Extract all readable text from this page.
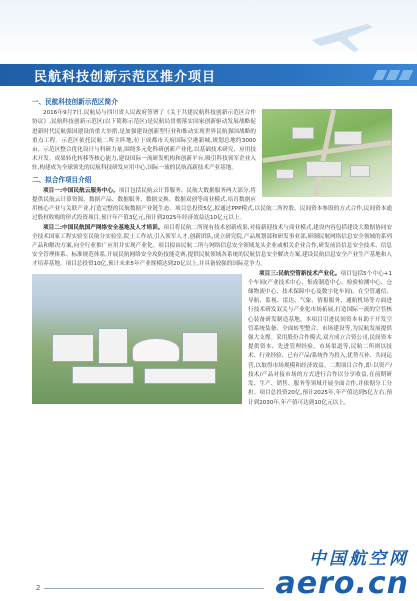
民航科技创新示范区推介项目
一、民航科技创新示范区简介

2016年9月7日,民航局与四川省人民政府签署了《关于共建民航科技创新示范区合作协议》,民航科技创新示范区(以下简称示范区)是民航局贯彻落实国家创新驱动发展战略促进新时代民航强国建设的重大举措,是加强建设创新型行业和推动实现世界民航强国战略的重点工程。示范区依托民航二所主阵地,位于成都市天府国际空港新城,规划总地约3000亩。示范区整合优化设计与科研力量,围绕多元化科研创新产业化,以基础技术研究、应用技术开发、成果转化转移等核心能力,建设国际一流研发机构和创新平台,吸引科技领军企业入驻,构建成为全球领先的民航科技研发应用中心,国际一流的民航高新技术产业基地。

二、拟合作项目介绍

项目一:中国民航云服务中心。项目包括民航云计算服务、民航大数据服务两大部分,将提供民航云计算资源、数据产品、数据服务、数据交换、数据双创等商业模式,培育数据应用核心产业与关联产业,打造完整的民航数据产业链生态。项目总投资5亿,拟通过PPP模式,以民航二所控股、民间资本参股的方式合作,民间资本通过股权收购的形式投资项目,预计年产值3亿元,预计到2025年经济效益达10亿元以上。

项目二:中国民航国产网络安全基地及人才培训。项目将民航二所现有技术创新成果,对接新迎技术与商业模式,建设内容包括建设大数据协同安全技术国家工程实验室民航分实验室,院士工作站,引入领军人才,创新团队,成立研究院,产品规划部和研发事业部,研制民航网络信息安全领域的系列产品和解决方案,向全行业推广应用并实现产业化。项目拟由民航二所与网络信息安全领域龙头企业或相关企业合作,研发前沿信息安全技术、信息安全管理体系、标准规范体系,开展民航网络安全攻防技能竞赛,提供民航领域各系统的民航信息安全解决方案,建设民航信息安全产业生产基地和人才培养基地。项目总投资10亿,预计未来5年产业规模达到20亿以上,并具备较强的国际竞争力。

项目三:民航空管新技术产业化。项目包括5个中心+1个车间(产业技术中心、集成制造中心、检验检测中心、仓储物流中心、技术保障中心及数字化车间)。在空管通信、导航、监视、雷达、气象、情报服务、通航机场等方面进行技术研发双关与产业化市场拓展,打造国际一流的空管核心装备研发制造基地。本项目引进民间资本有助于开发空管系统装备、全面转型整合、市场建设等,为民航发展提供强大支撑。采用股份合作模式,双方成立合资公司,民间资本提供资本、先进管理经验、市场渠道等,民航二所则以技术、行业经验、已有产品/系统作为投入,优势互补、共同运营,以取得市场规模和经济效益。二期项目合作,即:以资产/技术/产品对接市场的方式进行合作以分享收益,在前期研发、生产、销售、服务等领域开展全面合作,并依据分工分担。项目总投资20亿,预计2025年,年产值达到5亿左右,预计到2030年,年产值可达到10亿元以上。

2
中国航空网
aero.cn
